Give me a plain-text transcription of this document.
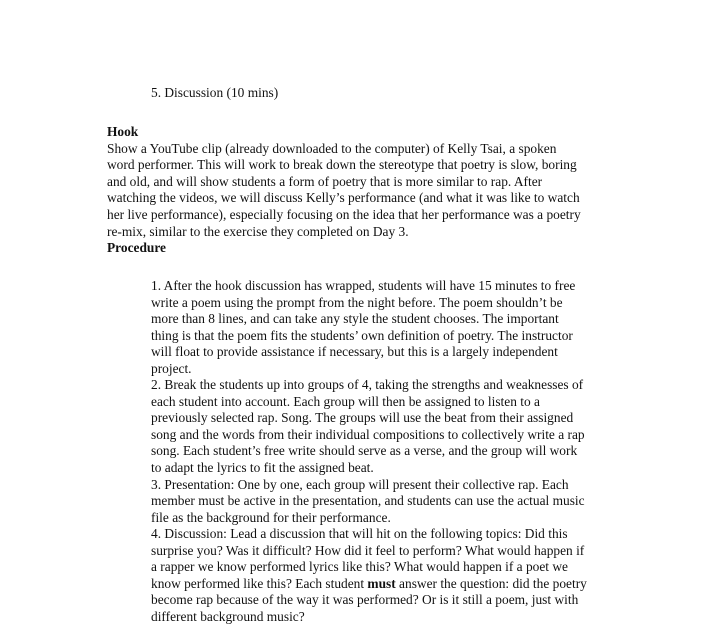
5. Discussion (10 mins)
Hook
Show a YouTube clip (already downloaded to the computer) of Kelly Tsai, a spoken
word performer. This will work to break down the stereotype that poetry is slow, boring
and old, and will show students a form of poetry that is more similar to rap. After
watching the videos, we will discuss Kelly’s performance (and what it was like to watch
her live performance), especially focusing on the idea that her performance was a poetry
re-mix, similar to the exercise they completed on Day 3.
Procedure
1. After the hook discussion has wrapped, students will have 15 minutes to free
write a poem using the prompt from the night before. The poem shouldn’t be
more than 8 lines, and can take any style the student chooses. The important
thing is that the poem fits the students’ own definition of poetry. The instructor
will float to provide assistance if necessary, but this is a largely independent
project.
2. Break the students up into groups of 4, taking the strengths and weaknesses of
each student into account. Each group will then be assigned to listen to a
previously selected rap. Song. The groups will use the beat from their assigned
song and the words from their individual compositions to collectively write a rap
song. Each student’s free write should serve as a verse, and the group will work
to adapt the lyrics to fit the assigned beat.
3. Presentation: One by one, each group will present their collective rap. Each
member must be active in the presentation, and students can use the actual music
file as the background for their performance.
4. Discussion: Lead a discussion that will hit on the following topics: Did this
surprise you? Was it difficult? How did it feel to perform? What would happen if
a rapper we know performed lyrics like this? What would happen if a poet we
know performed like this? Each student must answer the question: did the poetry
become rap because of the way it was performed? Or is it still a poem, just with
different background music?
